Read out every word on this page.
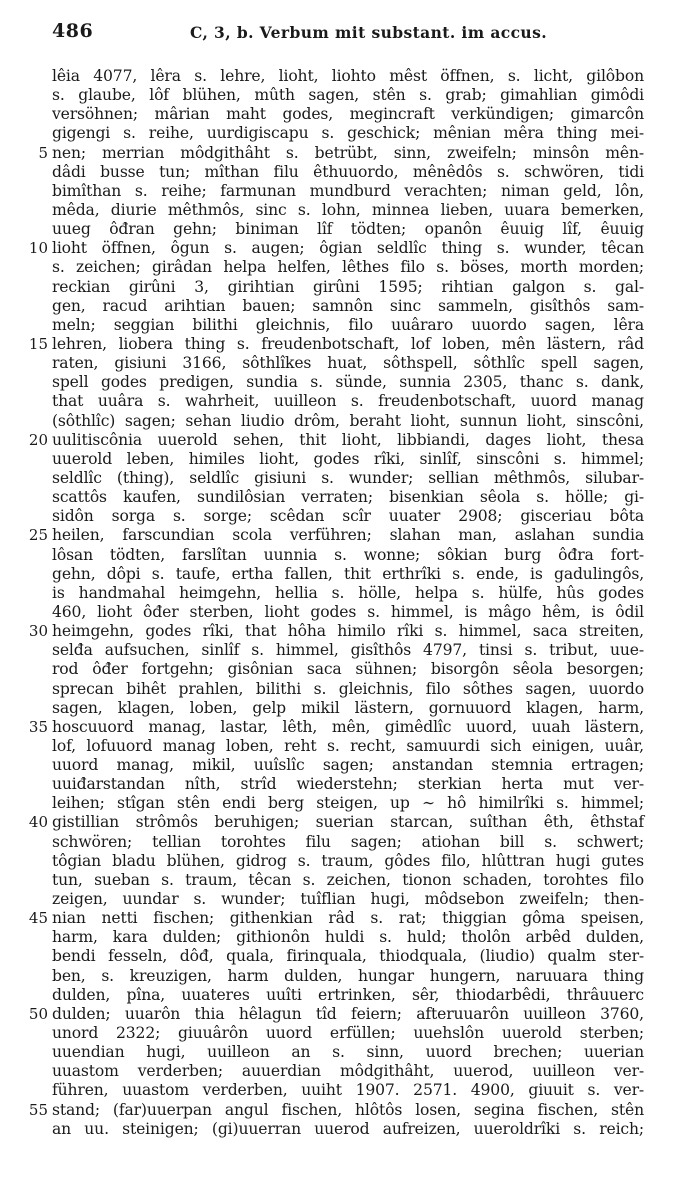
486	C, 3, b. Verbum mit substant. im accus.
lêia 4077, lêra s. lehre, lioht, liohto mêst öffnen, s. licht, gilôbon
s. glaube, lôf blühen, mûth sagen, stên s. grab; gimahlian gimôdi
versöhnen; mârian maht godes, megincraft verkündigen; gimarcôn
gigengi s. reihe, uurdigiscapu s. geschick; mênian mêra thing mei-
5 nen; merrian môdgithâht s. betrübt, sinn, zweifeln; minsôn mên-
dâdi busse tun; mîthan filu êthuuordo, mênêdôs s. schwören, tidi
bimîthan s. reihe; farmunan mundburd verachten; niman geld, lôn,
mêda, diurie mêthmôs, sinc s. lohn, minnea lieben, uuara bemerken,
uueg ôđran gehn; biniman lîf tödten; opanôn êuuig lîf, êuuig
10 lioht öffnen, ôgun s. augen; ôgian seldlîc thing s. wunder, têcan
s. zeichen; girâdan helpa helfen, lêthes filo s. böses, morth morden;
reckian girûni 3, girihtian girûni 1595; rihtian galgon s. gal-
gen, racud arihtian bauen; samnôn sinc sammeln, gisîthôs sam-
meln; seggian bilithi gleichnis, filo uuâraro uuordo sagen, lêra
15 lehren, liobera thing s. freudenbotschaft, lof loben, mên lästern, râd
raten, gisiuni 3166, sôthlîkes huat, sôthspell, sôthlîc spell sagen,
spell godes predigen, sundia s. sünde, sunnia 2305, thanc s. dank,
that uuâra s. wahrheit, uuilleon s. freudenbotschaft, uuord manag
(sôthlîc) sagen; sehan liudio drôm, beraht lioht, sunnun lioht, sinscôni,
20 uulitiscônia uuerold sehen, thit lioht, libbiandi, dages lioht, thesa
uuerold leben, himiles lioht, godes rîki, sinlîf, sinscôni s. himmel;
seldlîc (thing), seldlîc gisiuni s. wunder; sellian mêthmôs, silubar-
scattôs kaufen, sundilôsian verraten; bisenkian sêola s. hölle; gi-
sidôn sorga s. sorge; scêdan scîr uuater 2908; gisceriau bôta
25 heilen, farscundian scola verführen; slahan man, aslahan sundia
lôsan tödten, farslîtan uunnia s. wonne; sôkian burg ôđra fort-
gehn, dôpi s. taufe, ertha fallen, thit erthrîki s. ende, is gadulingôs,
is handmahal heimgehn, hellia s. hölle, helpa s. hülfe, hûs godes
460, lioht ôđer sterben, lioht godes s. himmel, is mâgo hêm, is ôdil
30 heimgehn, godes rîki, that hôha himilo rîki s. himmel, saca streiten,
selđa aufsuchen, sinlîf s. himmel, gisîthôs 4797, tinsi s. tribut, uue-
rod ôđer fortgehn; gisônian saca sühnen; bisorgôn sêola besorgen;
sprecan bihêt prahlen, bilithi s. gleichnis, filo sôthes sagen, uuordo
sagen, klagen, loben, gelp mikil lästern, gornuuord klagen, harm,
35 hoscuuord manag, lastar, lêth, mên, gimêdlîc uuord, uuah lästern,
lof, lofuuord manag loben, reht s. recht, samuurdi sich einigen, uuâr,
uuord manag, mikil, uuîslîc sagen; anstandan stemnia ertragen;
uuiđarstandan nîth, strîd wiederstehn; sterkian herta mut ver-
leihen; stîgan stên endi berg steigen, up ∼ hô himilrîki s. himmel;
40 gistillian strômôs beruhigen; suerian starcan, suîthan êth, êthstaf
schwören; tellian torohtes filu sagen; atiohan bill s. schwert;
tôgian bladu blühen, gidrog s. traum, gôdes filo, hlûttran hugi gutes
tun, sueban s. traum, têcan s. zeichen, tionon schaden, torohtes filo
zeigen, uundar s. wunder; tuîflian hugi, môdsebon zweifeln; then-
45 nian netti fischen; githenkian râd s. rat; thiggian gôma speisen,
harm, kara dulden; githionôn huldi s. huld; tholôn arbêd dulden,
bendi fesseln, dôđ, quala, firinquala, thiodquala, (liudio) qualm ster-
ben, s. kreuzigen, harm dulden, hungar hungern, naruuara thing
dulden, pîna, uuateres uuîti ertrinken, sêr, thiodarbêdi, thrâuuerc
50 dulden; uuarôn thia hêlagun tîd feiern; afteruuarôn uuilleon 3760,
unord 2322; giuuârôn uuord erfüllen; uuehslôn uuerold sterben;
uuendian hugi, uuilleon an s. sinn, uuord brechen; uuerian
uuastom verderben; auuerdian môdgithâht, uuerod, uuilleon ver-
führen, uuastom verderben, uuiht 1907. 2571. 4900, giuuit s. ver-
55 stand; (far)uuerpan angul fischen, hlôtôs losen, segina fischen, stên
an uu. steinigen; (gi)uuerran uuerod aufreizen, uueroldrîki s. reich;
